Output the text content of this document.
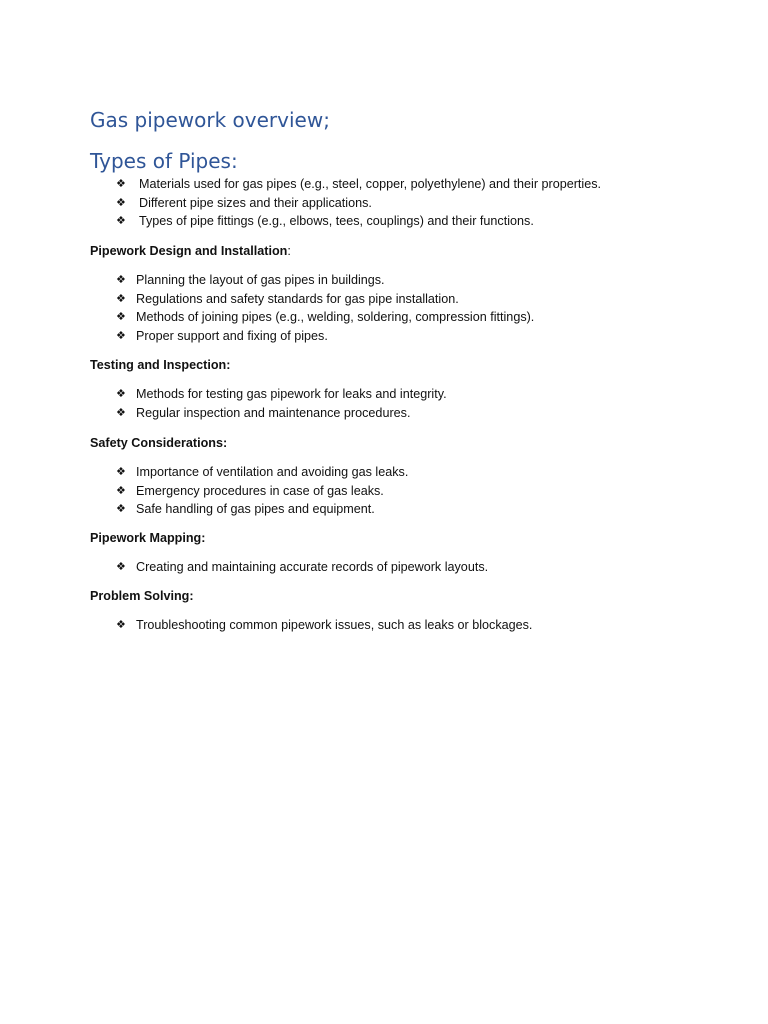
Gas pipework overview;
Types of Pipes:
❖ Materials used for gas pipes (e.g., steel, copper, polyethylene) and their properties.
❖ Different pipe sizes and their applications.
❖ Types of pipe fittings (e.g., elbows, tees, couplings) and their functions.
Pipework Design and Installation:
❖ Planning the layout of gas pipes in buildings.
❖ Regulations and safety standards for gas pipe installation.
❖ Methods of joining pipes (e.g., welding, soldering, compression fittings).
❖ Proper support and fixing of pipes.
Testing and Inspection:
❖ Methods for testing gas pipework for leaks and integrity.
❖ Regular inspection and maintenance procedures.
Safety Considerations:
❖ Importance of ventilation and avoiding gas leaks.
❖ Emergency procedures in case of gas leaks.
❖ Safe handling of gas pipes and equipment.
Pipework Mapping:
❖ Creating and maintaining accurate records of pipework layouts.
Problem Solving:
❖ Troubleshooting common pipework issues, such as leaks or blockages.
